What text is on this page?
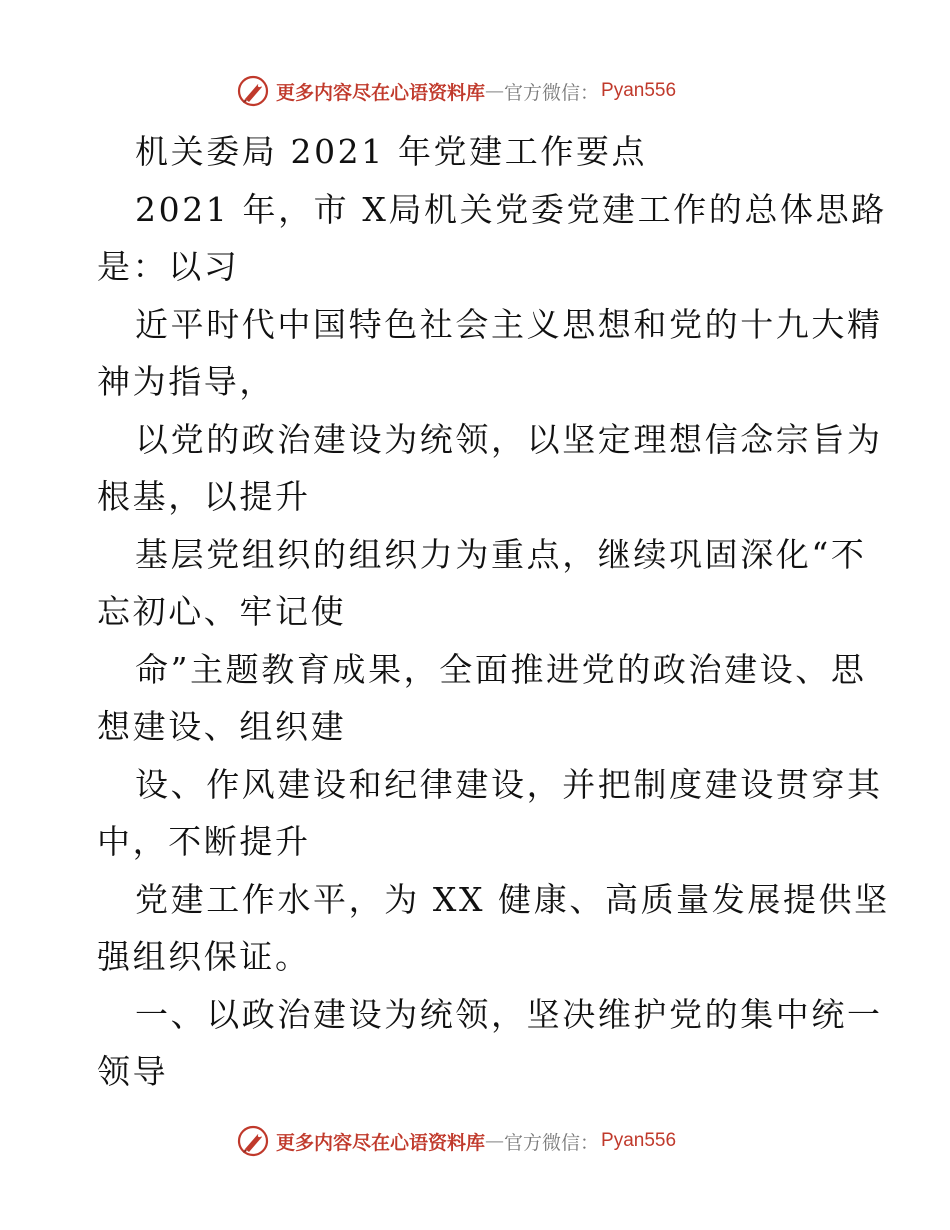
更多内容尽在心语资料库 — 官方微信： Pyan556
机关委局 2021 年党建工作要点
2021 年，市 X局机关党委党建工作的总体思路
是：以习
近平时代中国特色社会主义思想和党的十九大精
神为指导，
以党的政治建设为统领，以坚定理想信念宗旨为
根基，以提升
基层党组织的组织力为重点，继续巩固深化“不
忘初心、牢记使
命”主题教育成果，全面推进党的政治建设、思
想建设、组织建
设、作风建设和纪律建设，并把制度建设贯穿其
中，不断提升
党建工作水平，为 XX 健康、高质量发展提供坚
强组织保证。
一、以政治建设为统领，坚决维护党的集中统一
领导
更多内容尽在心语资料库 — 官方微信： Pyan556
